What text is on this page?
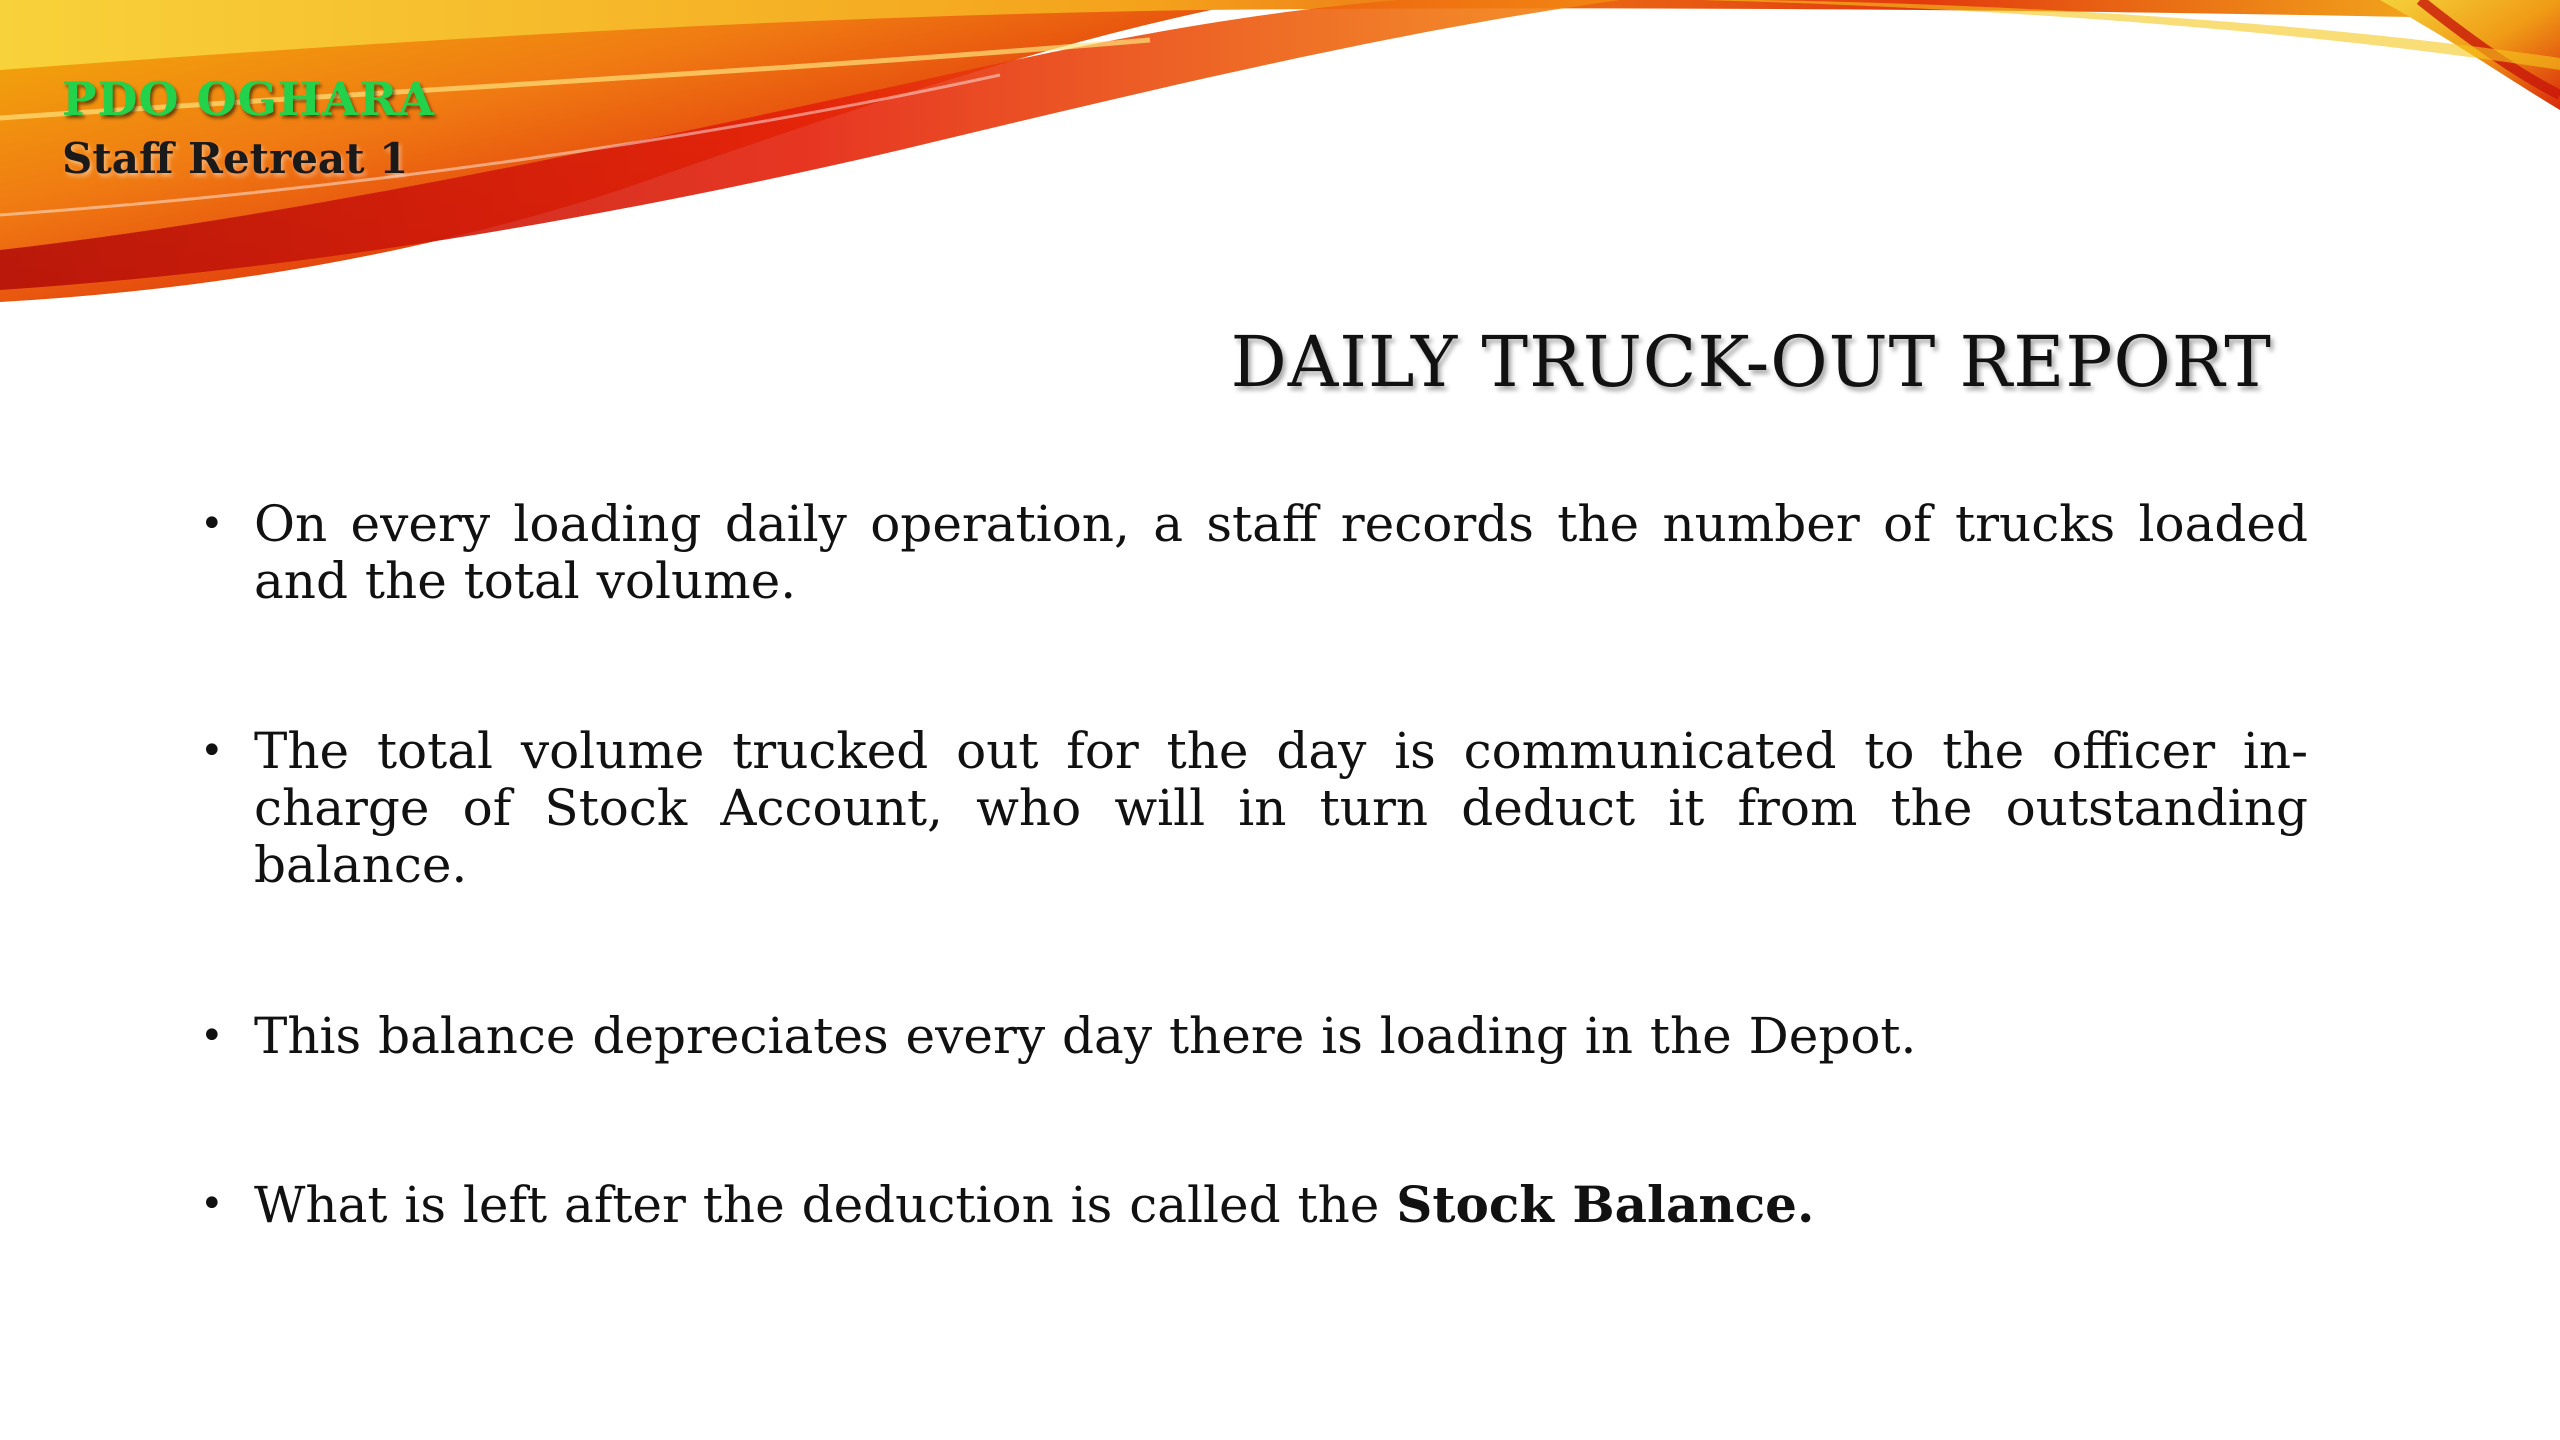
PDO OGHARA
Staff Retreat 1
DAILY TRUCK-OUT REPORT
• On every loading daily operation, a staff records the number of trucks loaded and the total volume.
• The total volume trucked out for the day is communicated to the officer in-charge of Stock Account, who will in turn deduct it from the outstanding balance.
• This balance depreciates every day there is loading in the Depot.
• What is left after the deduction is called the Stock Balance.
